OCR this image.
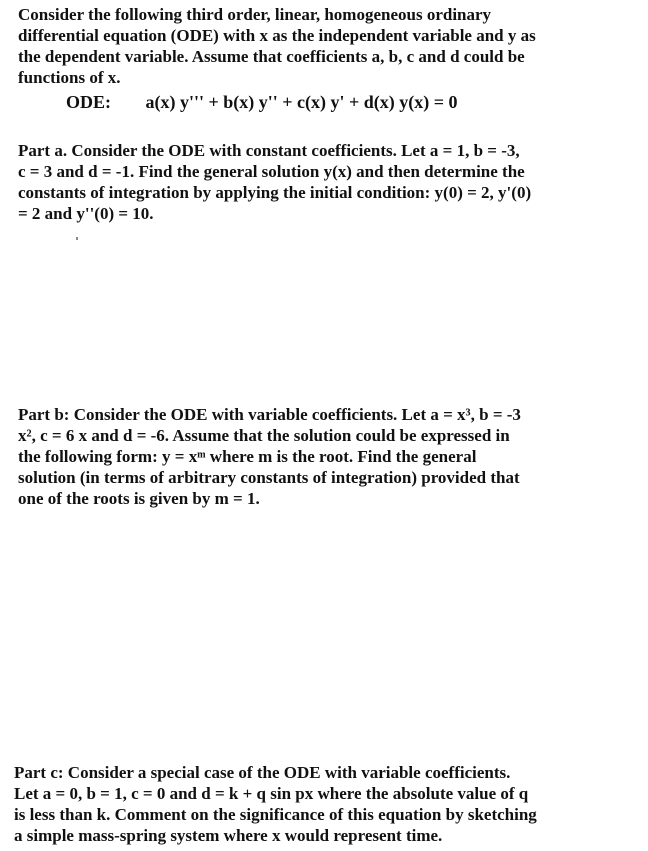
Consider the following third order, linear, homogeneous ordinary
differential equation (ODE) with x as the independent variable and y as
the dependent variable. Assume that coefficients a, b, c and d could be
functions of x.
ODE: a(x) y''' + b(x) y'' + c(x) y' + d(x) y(x) = 0
Part a. Consider the ODE with constant coefficients. Let a = 1, b = -3,
c = 3 and d = -1. Find the general solution y(x) and then determine the
constants of integration by applying the initial condition: y(0) = 2, y'(0)
= 2 and y''(0) = 10.
Part b: Consider the ODE with variable coefficients. Let a = x³, b = -3
x², c = 6 x and d = -6. Assume that the solution could be expressed in
the following form: y = xᵐ where m is the root. Find the general
solution (in terms of arbitrary constants of integration) provided that
one of the roots is given by m = 1.
Part c: Consider a special case of the ODE with variable coefficients.
Let a = 0, b = 1, c = 0 and d = k + q sin px where the absolute value of q
is less than k. Comment on the significance of this equation by sketching
a simple mass-spring system where x would represent time.
